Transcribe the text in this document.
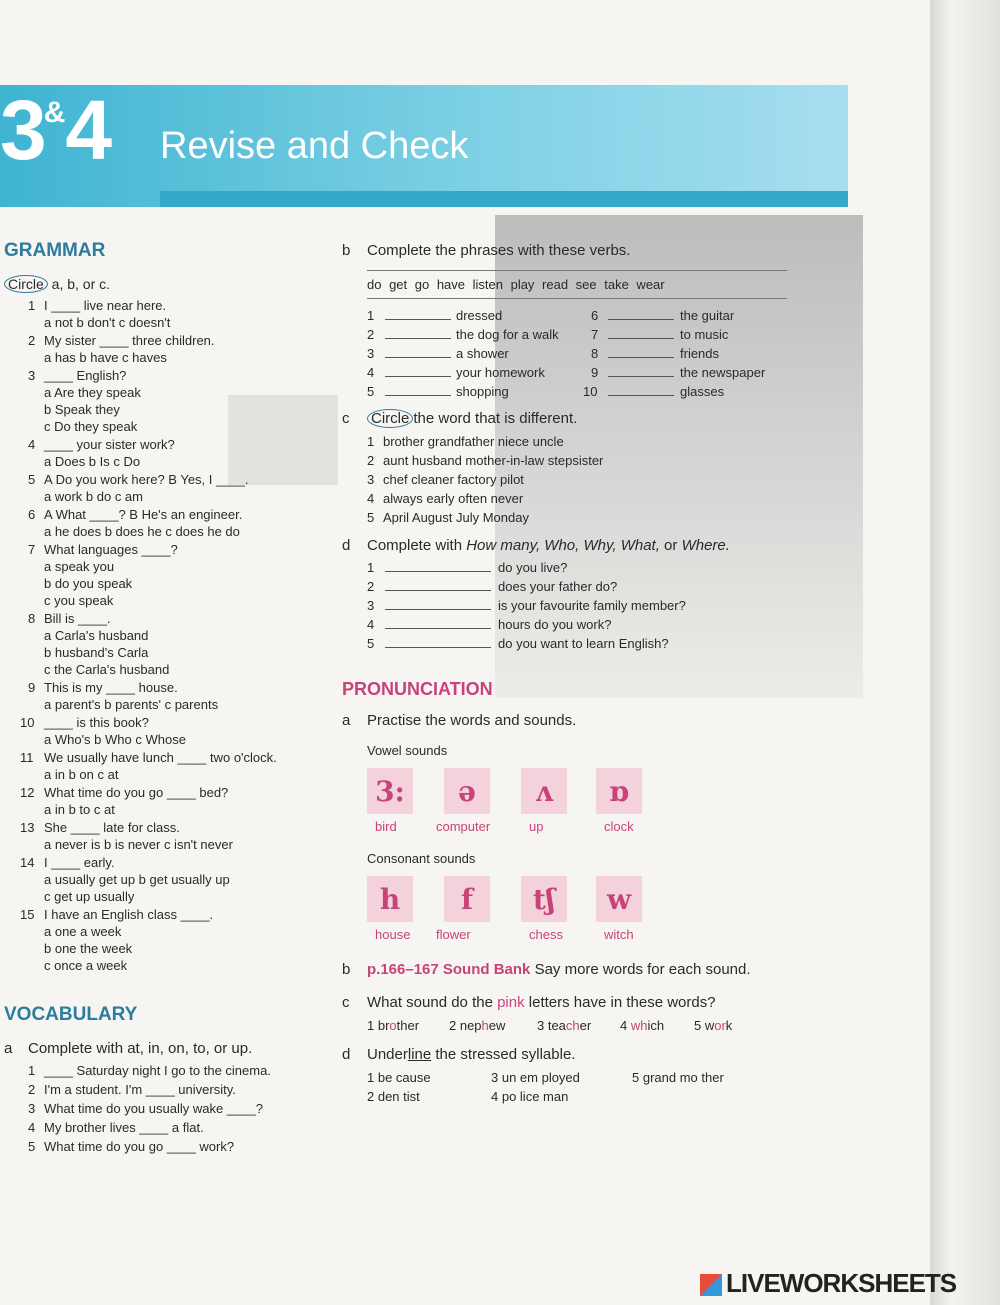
3&4 Revise and Check
GRAMMAR
Circle a, b, or c.
1 I ____ live near here.
a not b don't c doesn't
2 My sister ____ three children.
a has b have c haves
3 ____ English?
a Are they speak
b Speak they
c Do they speak
4 ____ your sister work?
a Does b Is c Do
5 A Do you work here? B Yes, I ____.
a work b do c am
6 A What ____? B He's an engineer.
a he does b does he c does he do
7 What languages ____?
a speak you
b do you speak
c you speak
8 Bill is ____.
a Carla's husband
b husband's Carla
c the Carla's husband
9 This is my ____ house.
a parent's b parents' c parents
10 ____ is this book?
a Who's b Who c Whose
11 We usually have lunch ____ two o'clock.
a in b on c at
12 What time do you go ____ bed?
a in b to c at
13 She ____ late for class.
a never is b is never c isn't never
14 I ____ early.
a usually get up b get usually up
c get up usually
15 I have an English class ____.
a one a week
b one the week
c once a week
VOCABULARY
a Complete with at, in, on, to, or up.
1 ____ Saturday night I go to the cinema.
2 I'm a student. I'm ____ university.
3 What time do you usually wake ____?
4 My brother lives ____ a flat.
5 What time do you go ____ work?
b Complete the phrases with these verbs.
do get go have listen play read see take wear
1	dressed
2	the dog for a walk
3	a shower
4	your homework
5	shopping
6	the guitar
7	to music
8	friends
9	the newspaper
10	glasses
c Circle the word that is different.
1 brother grandfather niece uncle
2 aunt husband mother-in-law stepsister
3 chef cleaner factory pilot
4 always early often never
5 April August July Monday
d Complete with How many, Who, Why, What, or Where.
1	do you live?
2	does your father do?
3	is your favourite family member?
4	hours do you work?
5	do you want to learn English?
PRONUNCIATION
a Practise the words and sounds.
Vowel sounds
3:
bird
ə
computer
ʌ
up
ɒ
clock
Consonant sounds
h
house
f
flower
tʃ
chess
w
witch
b p.166–167 Sound Bank Say more words for each sound.
c What sound do the pink letters have in these words?
1 brother 2 nephew 3 teacher 4 which 5 work
d Underline the stressed syllable.
1 be cause	3 un em ployed	5 grand mo ther
2 den tist	4 po lice man
LIVEWORKSHEETS
